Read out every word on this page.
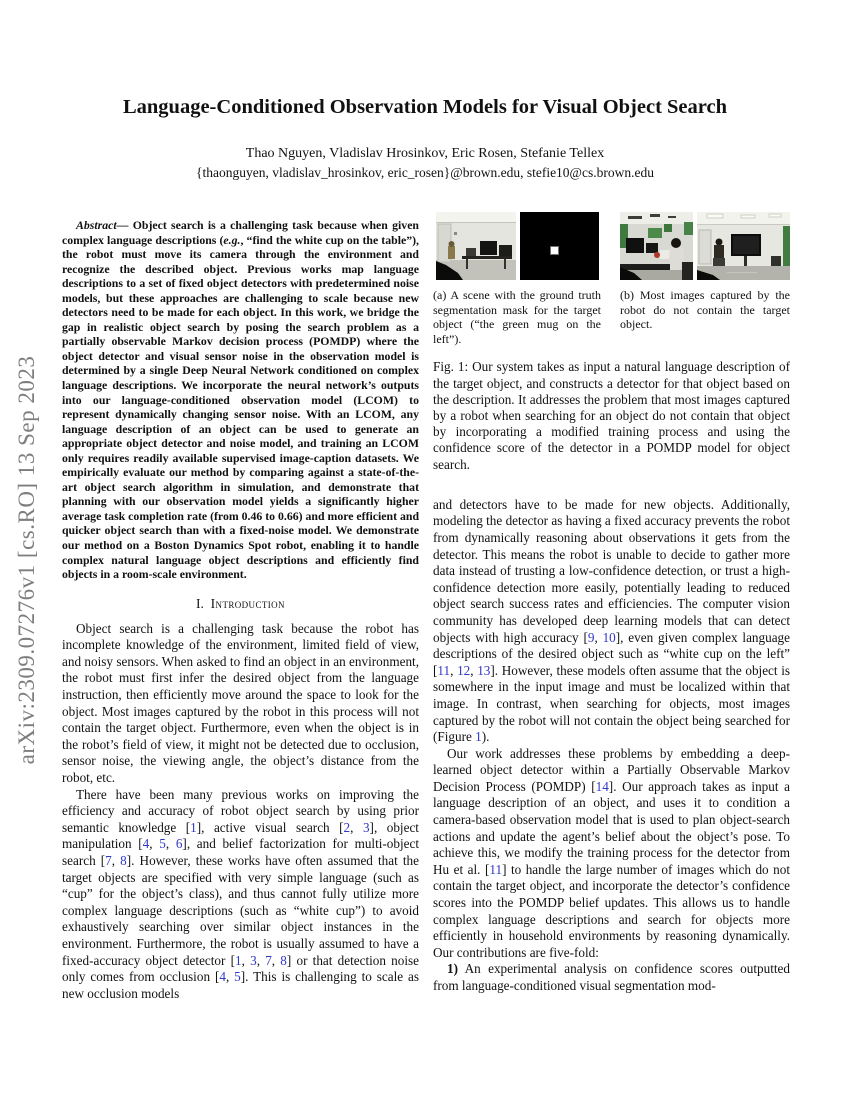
arXiv:2309.07276v1 [cs.RO] 13 Sep 2023
Language-Conditioned Observation Models for Visual Object Search
Thao Nguyen, Vladislav Hrosinkov, Eric Rosen, Stefanie Tellex
{thaonguyen, vladislav_hrosinkov, eric_rosen}@brown.edu, stefie10@cs.brown.edu

Abstract— Object search is a challenging task because when given complex language descriptions (e.g., “find the white cup on the table”), the robot must move its camera through the environment and recognize the described object. Previous works map language descriptions to a set of fixed object detectors with predetermined noise models, but these approaches are challenging to scale because new detectors need to be made for each object. In this work, we bridge the gap in realistic object search by posing the search problem as a partially observable Markov decision process (POMDP) where the object detector and visual sensor noise in the observation model is determined by a single Deep Neural Network conditioned on complex language descriptions. We incorporate the neural network’s outputs into our language-conditioned observation model (LCOM) to represent dynamically changing sensor noise. With an LCOM, any language description of an object can be used to generate an appropriate object detector and noise model, and training an LCOM only requires readily available supervised image-caption datasets. We empirically evaluate our method by comparing against a state-of-the-art object search algorithm in simulation, and demonstrate that planning with our observation model yields a significantly higher average task completion rate (from 0.46 to 0.66) and more efficient and quicker object search than with a fixed-noise model. We demonstrate our method on a Boston Dynamics Spot robot, enabling it to handle complex natural language object descriptions and efficiently find objects in a room-scale environment.

I. Introduction

Object search is a challenging task because the robot has incomplete knowledge of the environment, limited field of view, and noisy sensors. When asked to find an object in an environment, the robot must first infer the desired object from the language instruction, then efficiently move around the space to look for the object. Most images captured by the robot in this process will not contain the target object. Furthermore, even when the object is in the robot’s field of view, it might not be detected due to occlusion, sensor noise, the viewing angle, the object’s distance from the robot, etc.

There have been many previous works on improving the efficiency and accuracy of robot object search by using prior semantic knowledge [1], active visual search [2, 3], object manipulation [4, 5, 6], and belief factorization for multi-object search [7, 8]. However, these works have often assumed that the target objects are specified with very simple language (such as “cup” for the object’s class), and thus cannot fully utilize more complex language descriptions (such as “white cup”) to avoid exhaustively searching over similar object instances in the environment. Furthermore, the robot is usually assumed to have a fixed-accuracy object detector [1, 3, 7, 8] or that detection noise only comes from occlusion [4, 5]. This is challenging to scale as new occlusion models

(a) A scene with the ground truth segmentation mask for the target object (“the green mug on the left”).

(b) Most images captured by the robot do not contain the target object.

Fig. 1: Our system takes as input a natural language description of the target object, and constructs a detector for that object based on the description. It addresses the problem that most images captured by a robot when searching for an object do not contain that object by incorporating a modified training process and using the confidence score of the detector in a POMDP model for object search.

and detectors have to be made for new objects. Additionally, modeling the detector as having a fixed accuracy prevents the robot from dynamically reasoning about observations it gets from the detector. This means the robot is unable to decide to gather more data instead of trusting a low-confidence detection, or trust a high-confidence detection more easily, potentially leading to reduced object search success rates and efficiencies. The computer vision community has developed deep learning models that can detect objects with high accuracy [9, 10], even given complex language descriptions of the desired object such as “white cup on the left” [11, 12, 13]. However, these models often assume that the object is somewhere in the input image and must be localized within that image. In contrast, when searching for objects, most images captured by the robot will not contain the object being searched for (Figure 1).

Our work addresses these problems by embedding a deep-learned object detector within a Partially Observable Markov Decision Process (POMDP) [14]. Our approach takes as input a language description of an object, and uses it to condition a camera-based observation model that is used to plan object-search actions and update the agent’s belief about the object’s pose. To achieve this, we modify the training process for the detector from Hu et al. [11] to handle the large number of images which do not contain the target object, and incorporate the detector’s confidence scores into the POMDP belief updates. This allows us to handle complex language descriptions and search for objects more efficiently in household environments by reasoning dynamically. Our contributions are five-fold:

1) An experimental analysis on confidence scores outputted from language-conditioned visual segmentation mod-
